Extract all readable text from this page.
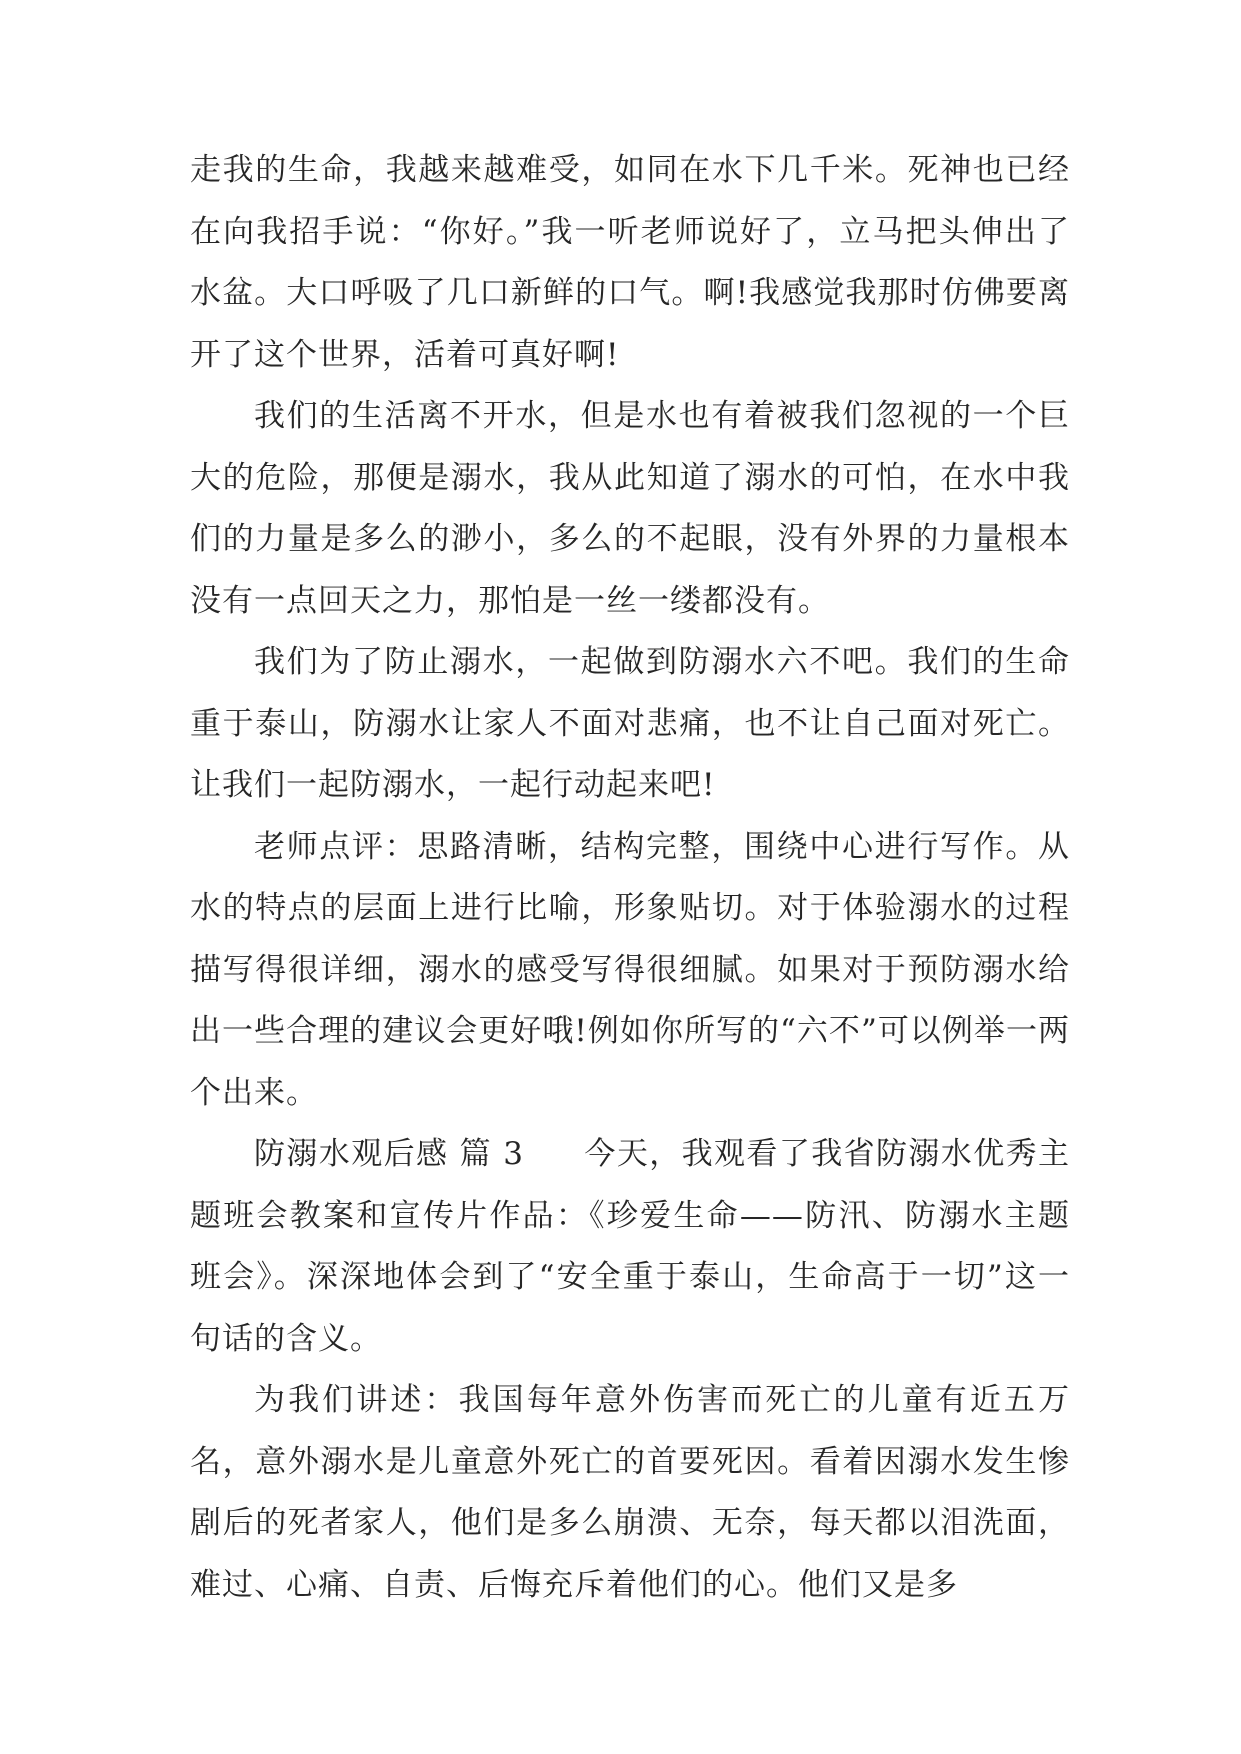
走我的生命，我越来越难受，如同在水下几千米。死神也已经在向我招手说：“你好。”我一听老师说好了，立马把头伸出了水盆。大口呼吸了几口新鲜的口气。啊!我感觉我那时仿佛要离开了这个世界，活着可真好啊!

我们的生活离不开水，但是水也有着被我们忽视的一个巨大的危险，那便是溺水，我从此知道了溺水的可怕，在水中我们的力量是多么的渺小，多么的不起眼，没有外界的力量根本没有一点回天之力，那怕是一丝一缕都没有。

我们为了防止溺水，一起做到防溺水六不吧。我们的生命重于泰山，防溺水让家人不面对悲痛，也不让自己面对死亡。让我们一起防溺水，一起行动起来吧!

老师点评：思路清晰，结构完整，围绕中心进行写作。从水的特点的层面上进行比喻，形象贴切。对于体验溺水的过程描写得很详细，溺水的感受写得很细腻。如果对于预防溺水给出一些合理的建议会更好哦!例如你所写的“六不”可以例举一两个出来。

防溺水观后感 篇 3 今天，我观看了我省防溺水优秀主题班会教案和宣传片作品：《珍爱生命——防汛、防溺水主题班会》。深深地体会到了“安全重于泰山，生命高于一切”这一句话的含义。

为我们讲述：我国每年意外伤害而死亡的儿童有近五万名，意外溺水是儿童意外死亡的首要死因。看着因溺水发生惨剧后的死者家人，他们是多么崩溃、无奈，每天都以泪洗面，难过、心痛、自责、后悔充斥着他们的心。他们又是多
